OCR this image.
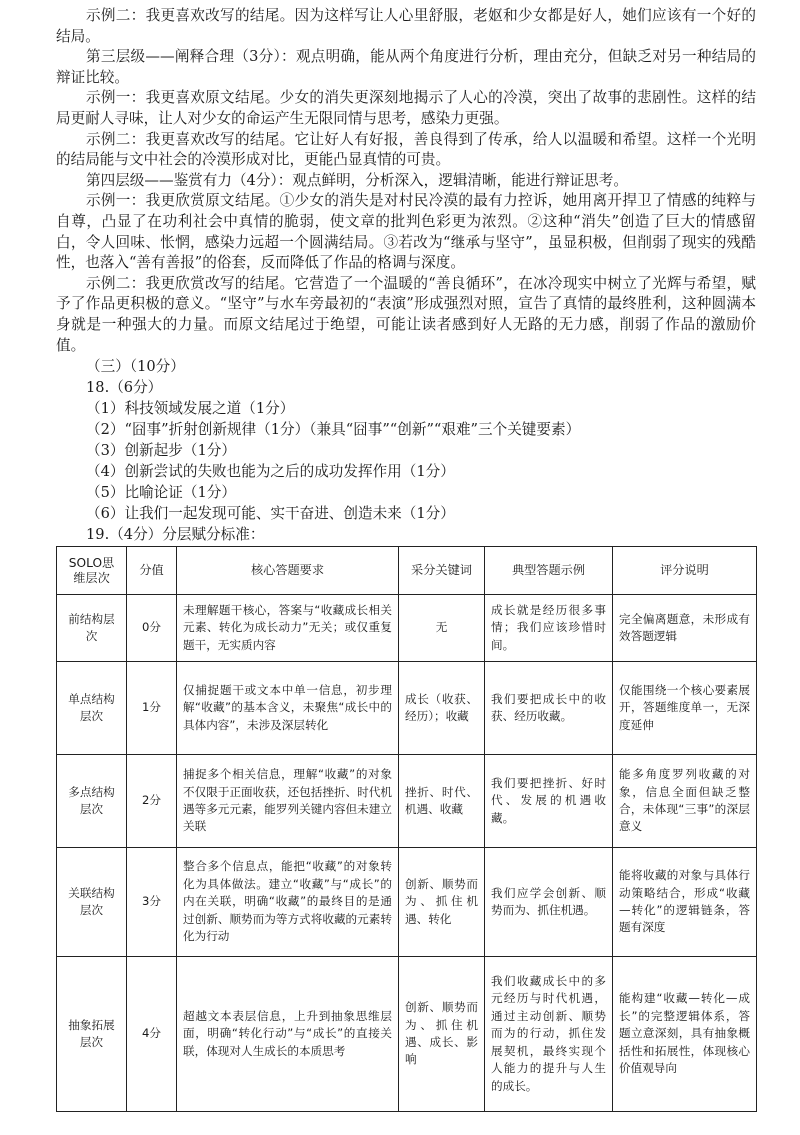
示例二：我更喜欢改写的结尾。因为这样写让人心里舒服，老妪和少女都是好人，她们应该有一个好的结局。

第三层级——阐释合理（3分）：观点明确，能从两个角度进行分析，理由充分，但缺乏对另一种结局的辩证比较。

示例一：我更喜欢原文结尾。少女的消失更深刻地揭示了人心的冷漠，突出了故事的悲剧性。这样的结局更耐人寻味，让人对少女的命运产生无限同情与思考，感染力更强。

示例二：我更喜欢改写的结尾。它让好人有好报，善良得到了传承，给人以温暖和希望。这样一个光明的结局能与文中社会的冷漠形成对比，更能凸显真情的可贵。

第四层级——鉴赏有力（4分）：观点鲜明，分析深入，逻辑清晰，能进行辩证思考。

示例一：我更欣赏原文结尾。①少女的消失是对村民冷漠的最有力控诉，她用离开捍卫了情感的纯粹与自尊，凸显了在功利社会中真情的脆弱，使文章的批判色彩更为浓烈。②这种“消失”创造了巨大的情感留白，令人回味、怅惘，感染力远超一个圆满结局。③若改为“继承与坚守”，虽显积极，但削弱了现实的残酷性，也落入“善有善报”的俗套，反而降低了作品的格调与深度。

示例二：我更欣赏改写的结尾。它营造了一个温暖的“善良循环”，在冰冷现实中树立了光辉与希望，赋予了作品更积极的意义。“坚守”与水车旁最初的“表演”形成强烈对照，宣告了真情的最终胜利，这种圆满本身就是一种强大的力量。而原文结尾过于绝望，可能让读者感到好人无路的无力感，削弱了作品的激励价值。

（三）（10分）

18.（6分）

（1）科技领域发展之道（1分）

（2）“囧事”折射创新规律（1分）（兼具“囧事”“创新”“艰难”三个关键要素）

（3）创新起步（1分）

（4）创新尝试的失败也能为之后的成功发挥作用（1分）

（5）比喻论证（1分）

（6）让我们一起发现可能、实干奋进、创造未来（1分）

19.（4分）分层赋分标准：

SOLO思维层次	分值	核心答题要求	采分关键词	典型答题示例	评分说明
前结构层次	0分	未理解题干核心，答案与“收藏成长相关元素、转化为成长动力”无关；或仅重复题干，无实质内容	无	成长就是经历很多事情；我们应该珍惜时间。	完全偏离题意，未形成有效答题逻辑
单点结构层次	1分	仅捕捉题干或文本中单一信息，初步理解“收藏”的基本含义，未聚焦“成长中的具体内容”，未涉及深层转化	成长（收获、经历）；收藏	我们要把成长中的收获、经历收藏。	仅能围绕一个核心要素展开，答题维度单一，无深度延伸
多点结构层次	2分	捕捉多个相关信息，理解“收藏”的对象不仅限于正面收获，还包括挫折、时代机遇等多元元素，能罗列关键内容但未建立关联	挫折、时代、机遇、收藏	我们要把挫折、好时代、发展的机遇收藏。	能多角度罗列收藏的对象，信息全面但缺乏整合，未体现“三事”的深层意义
关联结构层次	3分	整合多个信息点，能把“收藏”的对象转化为具体做法。建立“收藏”与“成长”的内在关联，明确“收藏”的最终目的是通过创新、顺势而为等方式将收藏的元素转化为行动	创新、顺势而为、抓住机遇、转化	我们应学会创新、顺势而为、抓住机遇。	能将收藏的对象与具体行动策略结合，形成“收藏—转化”的逻辑链条，答题有深度
抽象拓展层次	4分	超越文本表层信息，上升到抽象思维层面，明确“转化行动”与“成长”的直接关联，体现对人生成长的本质思考	创新、顺势而为、抓住机遇、成长、影响	我们收藏成长中的多元经历与时代机遇，通过主动创新、顺势而为的行动，抓住发展契机，最终实现个人能力的提升与人生的成长。	能构建“收藏—转化—成长”的完整逻辑体系，答题立意深刻，具有抽象概括性和拓展性，体现核心价值观导向
